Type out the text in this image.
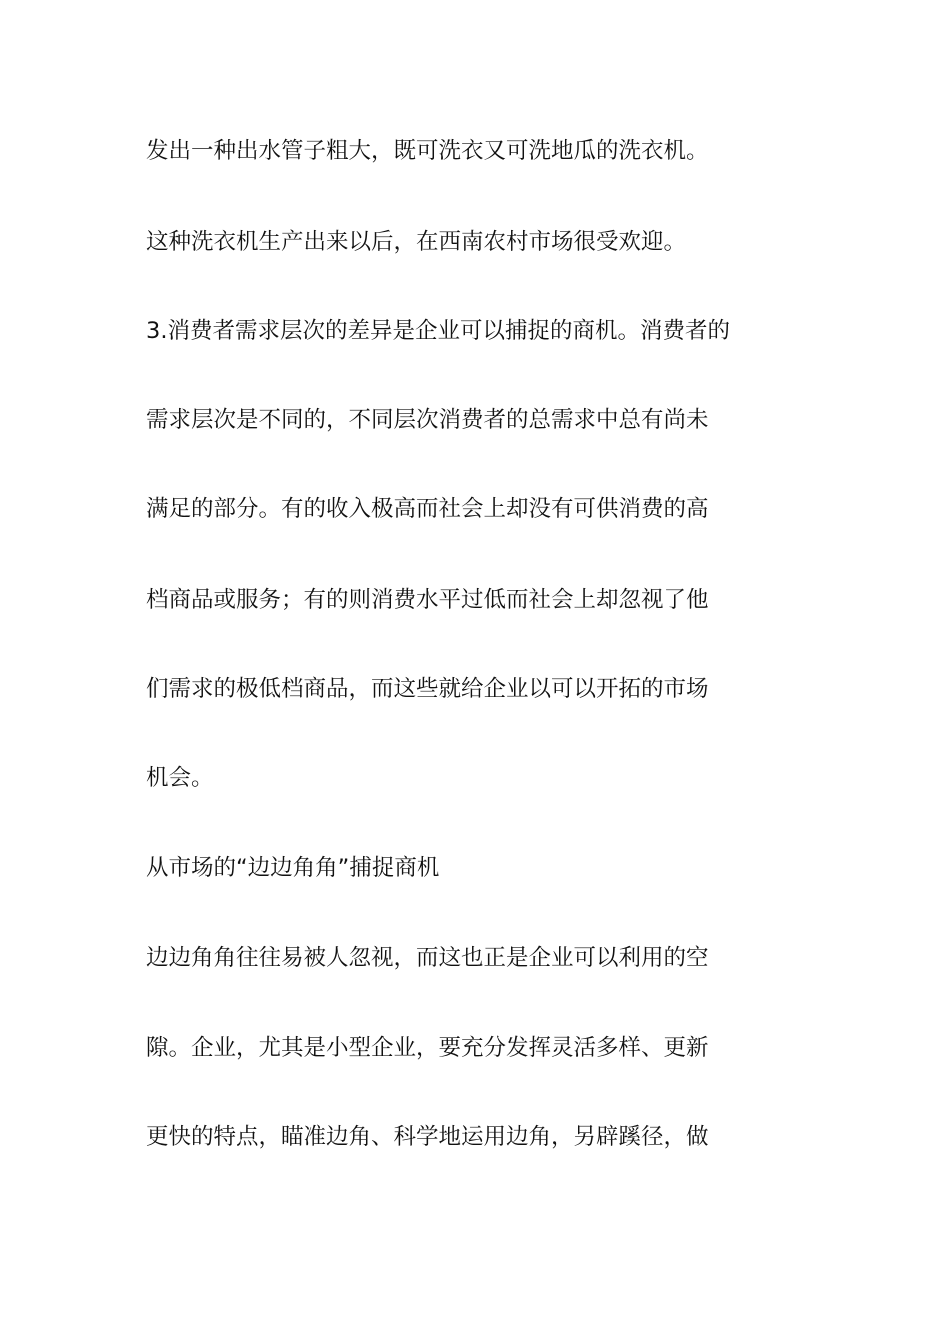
发出一种出水管子粗大，既可洗衣又可洗地瓜的洗衣机。

这种洗衣机生产出来以后，在西南农村市场很受欢迎。

3.消费者需求层次的差异是企业可以捕捉的商机。消费者的

需求层次是不同的，不同层次消费者的总需求中总有尚未

满足的部分。有的收入极高而社会上却没有可供消费的高

档商品或服务；有的则消费水平过低而社会上却忽视了他

们需求的极低档商品，而这些就给企业以可以开拓的市场

机会。

从市场的“边边角角”捕捉商机

边边角角往往易被人忽视，而这也正是企业可以利用的空

隙。企业，尤其是小型企业，要充分发挥灵活多样、更新

更快的特点，瞄准边角、科学地运用边角，另辟蹊径，做
